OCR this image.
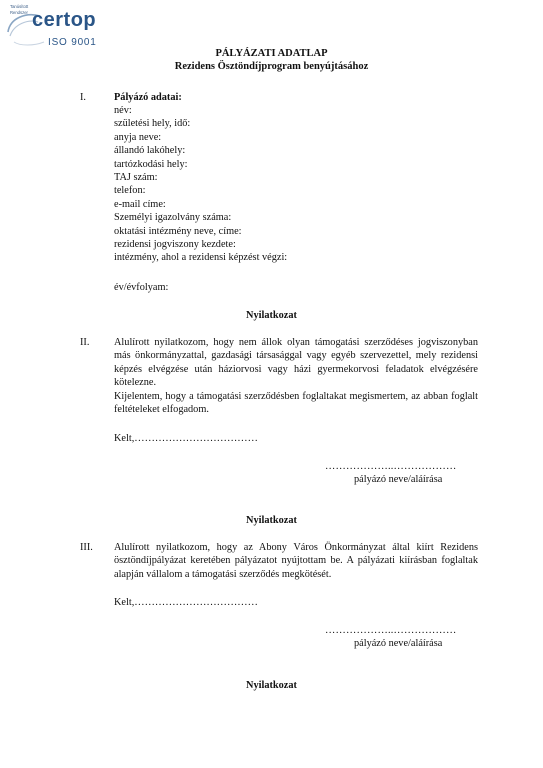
Tanúsított
Rendszer certop
ISO 9001
PÁLYÁZATI ADATLAP
Rezidens Ösztöndíjprogram benyújtásához
I.	Pályázó adatai:
név:
születési hely, idő:
anyja neve:
állandó lakóhely:
tartózkodási hely:
TAJ szám:
telefon:
e-mail címe:
Személyi igazolvány száma:
oktatási intézmény neve, címe:
rezidensi jogviszony kezdete:
intézmény, ahol a rezidensi képzést végzi:
év/évfolyam:
Nyilatkozat
II. Alulírott nyilatkozom, hogy nem állok olyan támogatási szerződéses jogviszonyban más önkormányzattal, gazdasági társasággal vagy egyéb szervezettel, mely rezidensi képzés elvégzése után háziorvosi vagy házi gyermekorvosi feladatok elvégzésére kötelezne.

Kijelentem, hogy a támogatási szerződésben foglaltakat megismertem, az abban foglalt feltételeket elfogadom.

Kelt,………………………………
………………..………………
pályázó neve/aláírása
Nyilatkozat
III. Alulírott nyilatkozom, hogy az Abony Város Önkormányzat által kiírt Rezidens ösztöndíjpályázat keretében pályázatot nyújtottam be. A pályázati kiírásban foglaltak alapján vállalom a támogatási szerződés megkötését.

Kelt,………………………………
………………..………………
pályázó neve/aláírása
Nyilatkozat
